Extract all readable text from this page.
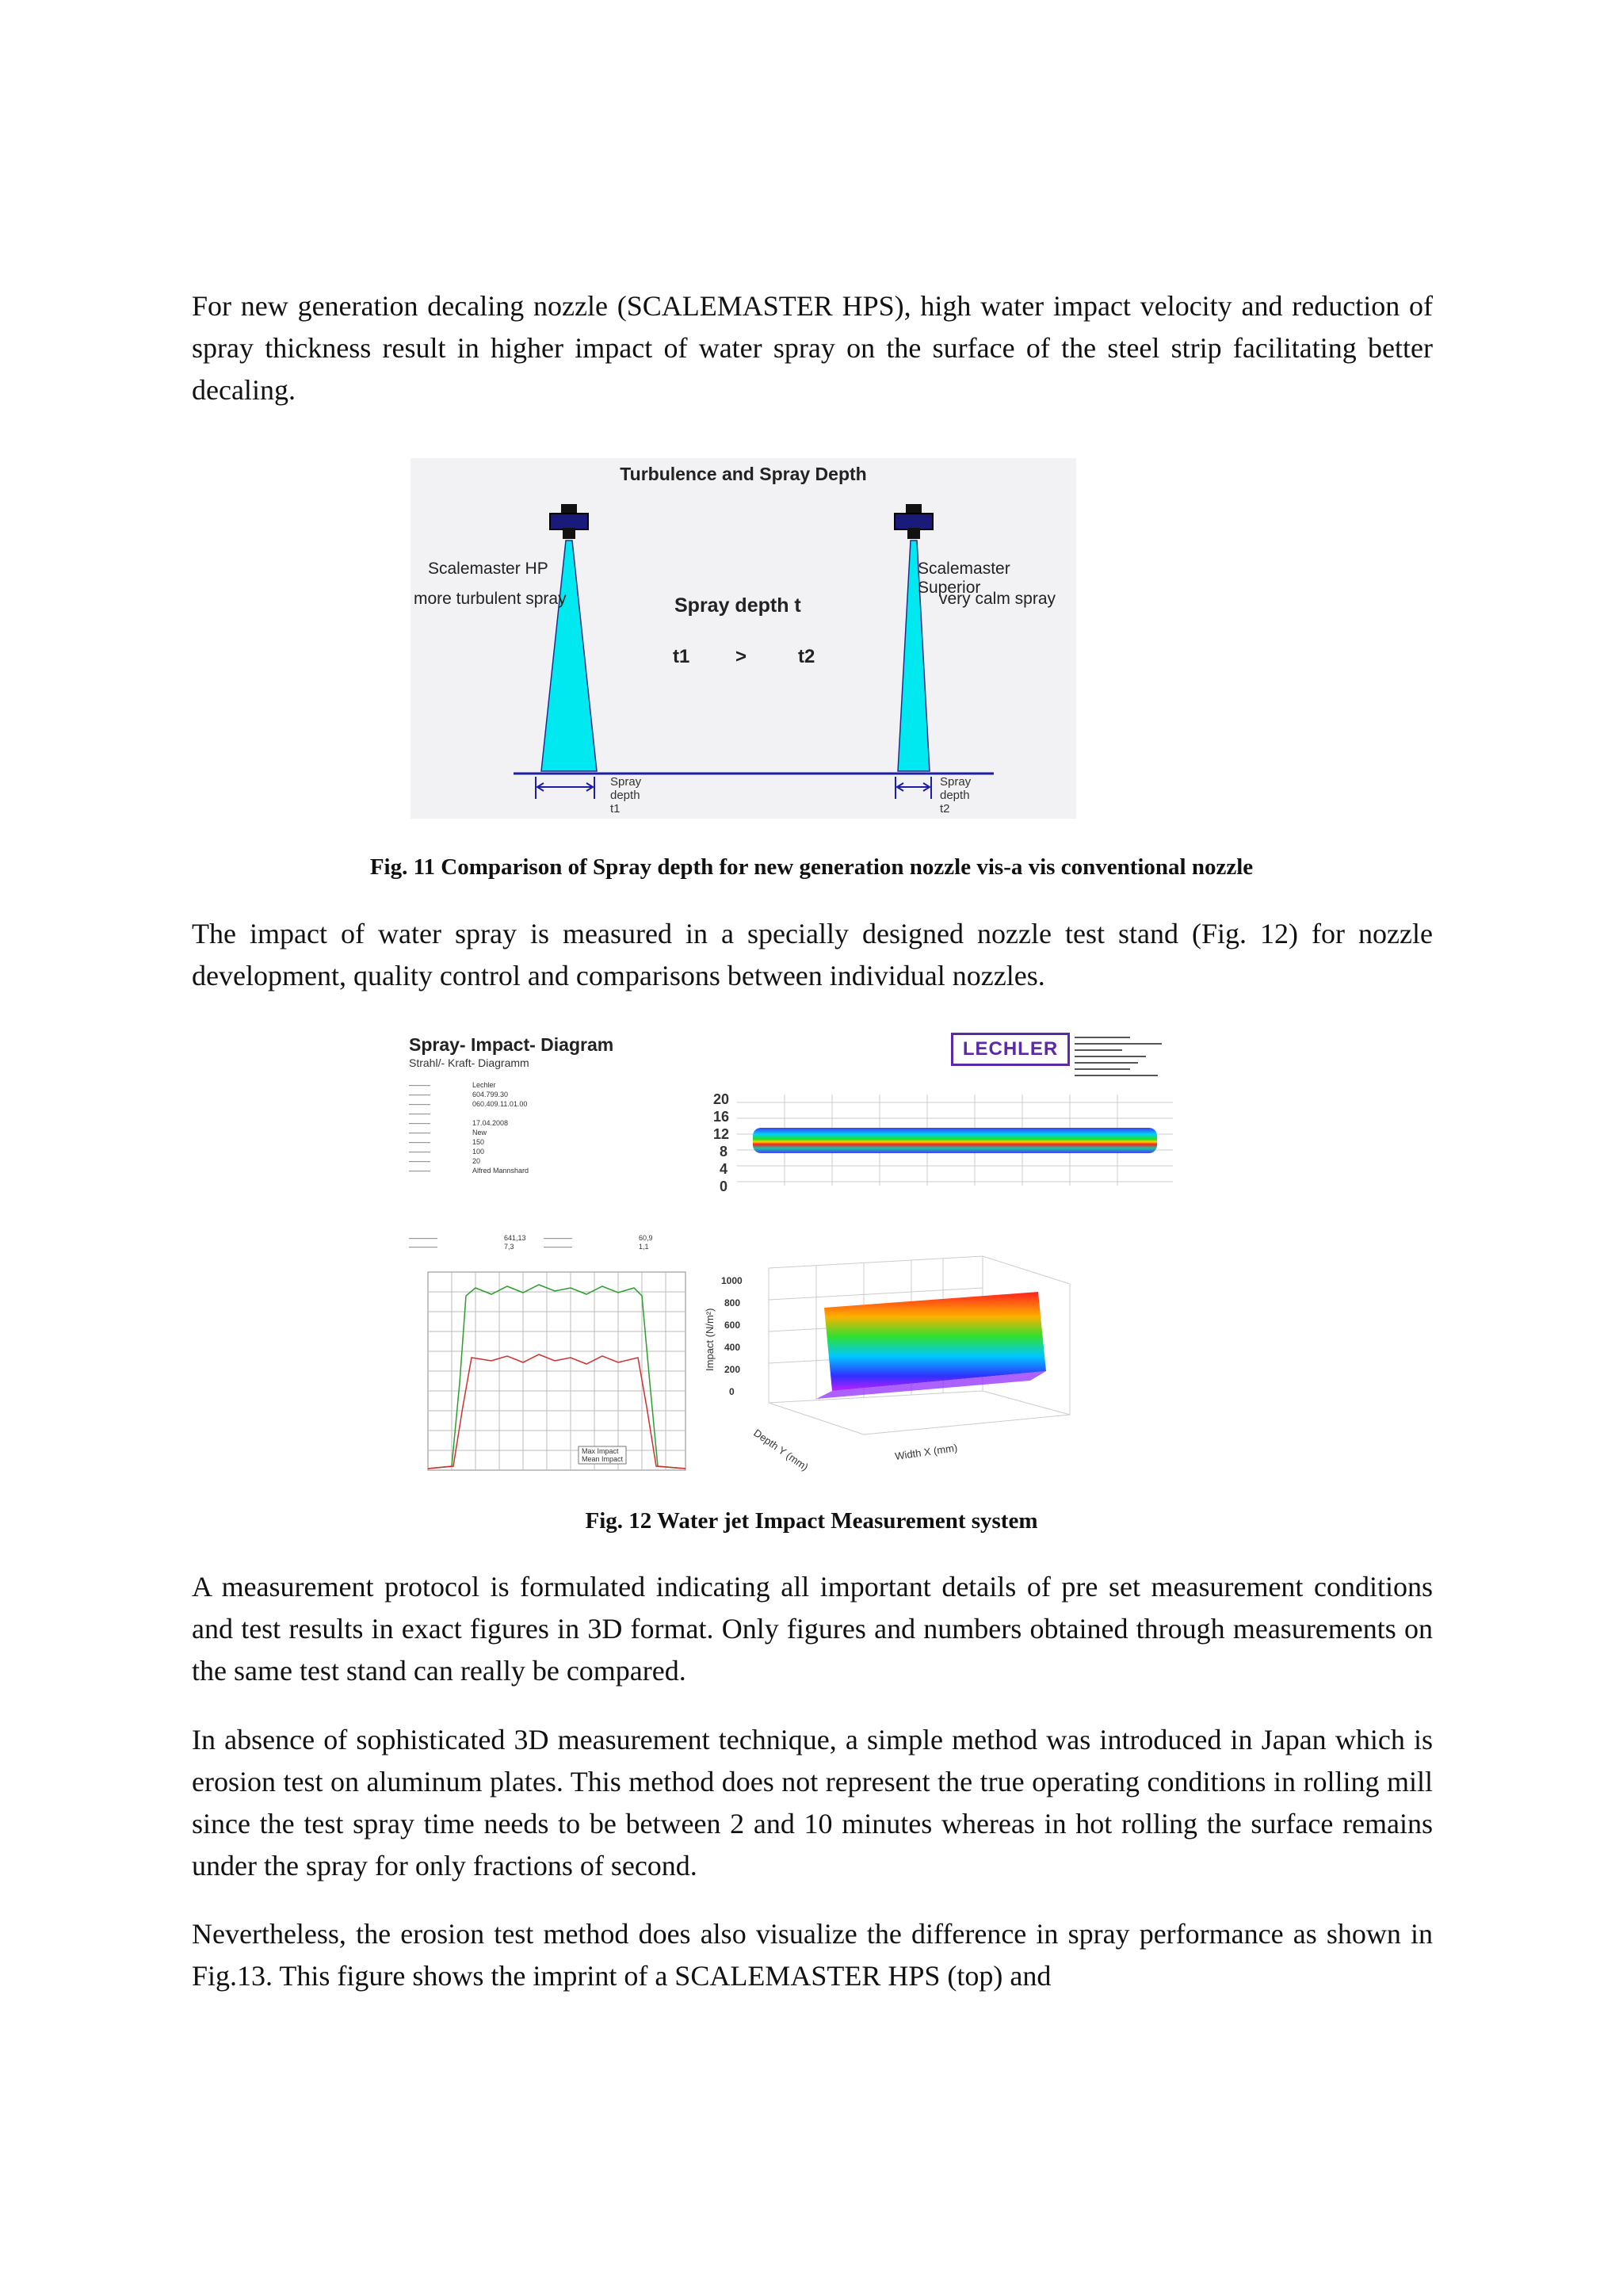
For new generation decaling nozzle (SCALEMASTER HPS), high water impact velocity and reduction of spray thickness result in higher impact of water spray on the surface of the steel strip facilitating better decaling.

Turbulence and Spray Depth
Scalemaster HP
more turbulent spray
Scalemaster Superior
very calm spray
Spray depth t
t1 >	t2
Spray
depth
t1
Spray
depth
t2

Fig. 11 Comparison of Spray depth for new generation nozzle vis-a vis conventional nozzle

The impact of water spray is measured in a specially designed nozzle test stand (Fig. 12) for nozzle development, quality control and comparisons between individual nozzles.

Spray- Impact- Diagram
Strahl/- Kraft- Diagramm
———	Lechler
———	604.799.30
———	060.409.11.01.00
———
———	17.04.2008
———	New
———	150
———	100
———	20
———	Alfred Mannshard
————	641,13	————	60,9
————	7,3	————	1,1
LECHLER
20
16
12
8
4
0
Max Impact
Mean Impact
1000
800
600
400
200
0
Impact (N/m²)
Depth Y (mm)	Width X (mm)

Fig. 12 Water jet Impact Measurement system

A measurement protocol is formulated indicating all important details of pre set measurement conditions and test results in exact figures in 3D format. Only figures and numbers obtained through measurements on the same test stand can really be compared.

In absence of sophisticated 3D measurement technique, a simple method was introduced in Japan which is erosion test on aluminum plates. This method does not represent the true operating conditions in rolling mill since the test spray time needs to be between 2 and 10 minutes whereas in hot rolling the surface remains under the spray for only fractions of second.

Nevertheless, the erosion test method does also visualize the difference in spray performance as shown in Fig.13. This figure shows the imprint of a SCALEMASTER HPS (top) and
